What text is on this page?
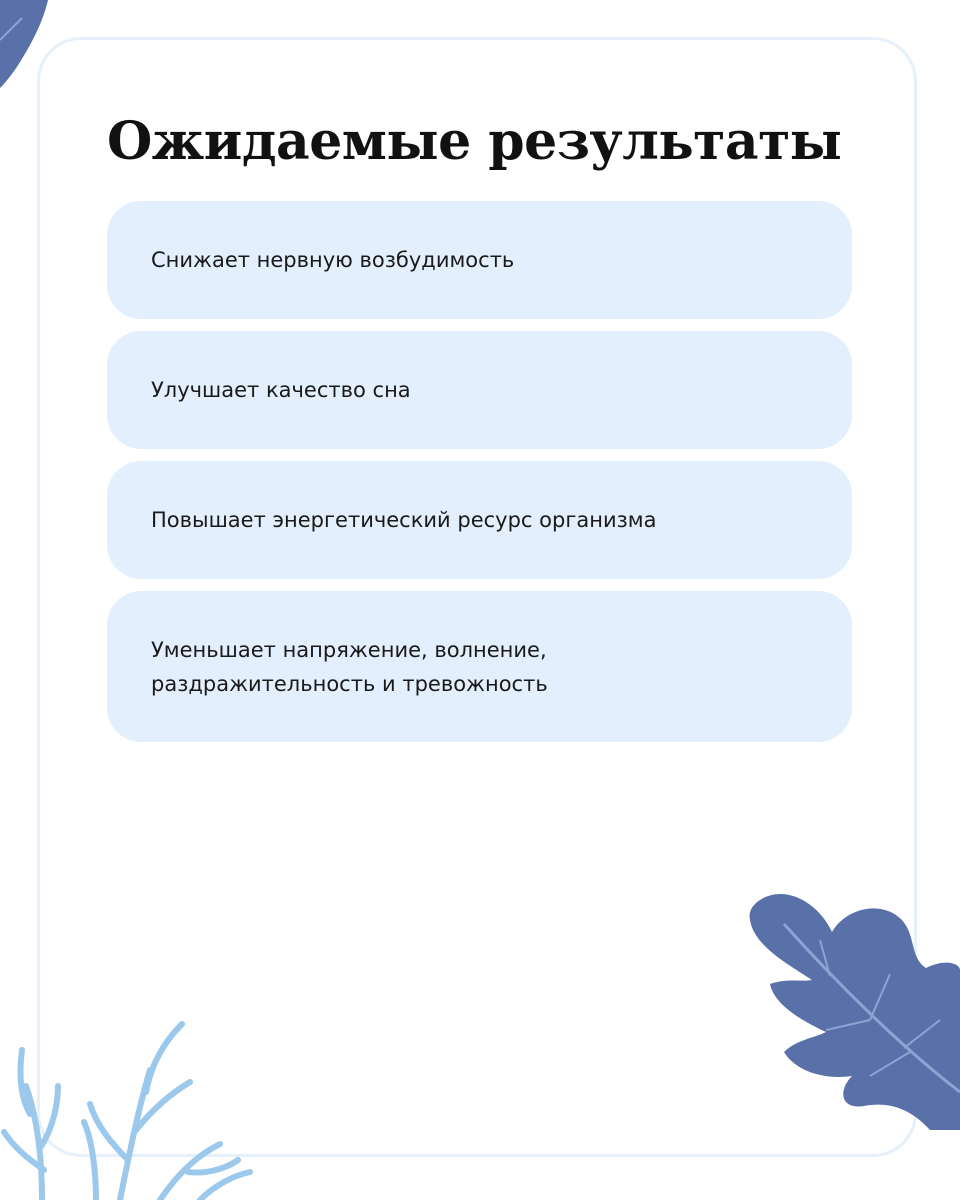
Ожидаемые результаты
Снижает нервную возбудимость
Улучшает качество сна
Повышает энергетический ресурс организма
Уменьшает напряжение, волнение,
раздражительность и тревожность
